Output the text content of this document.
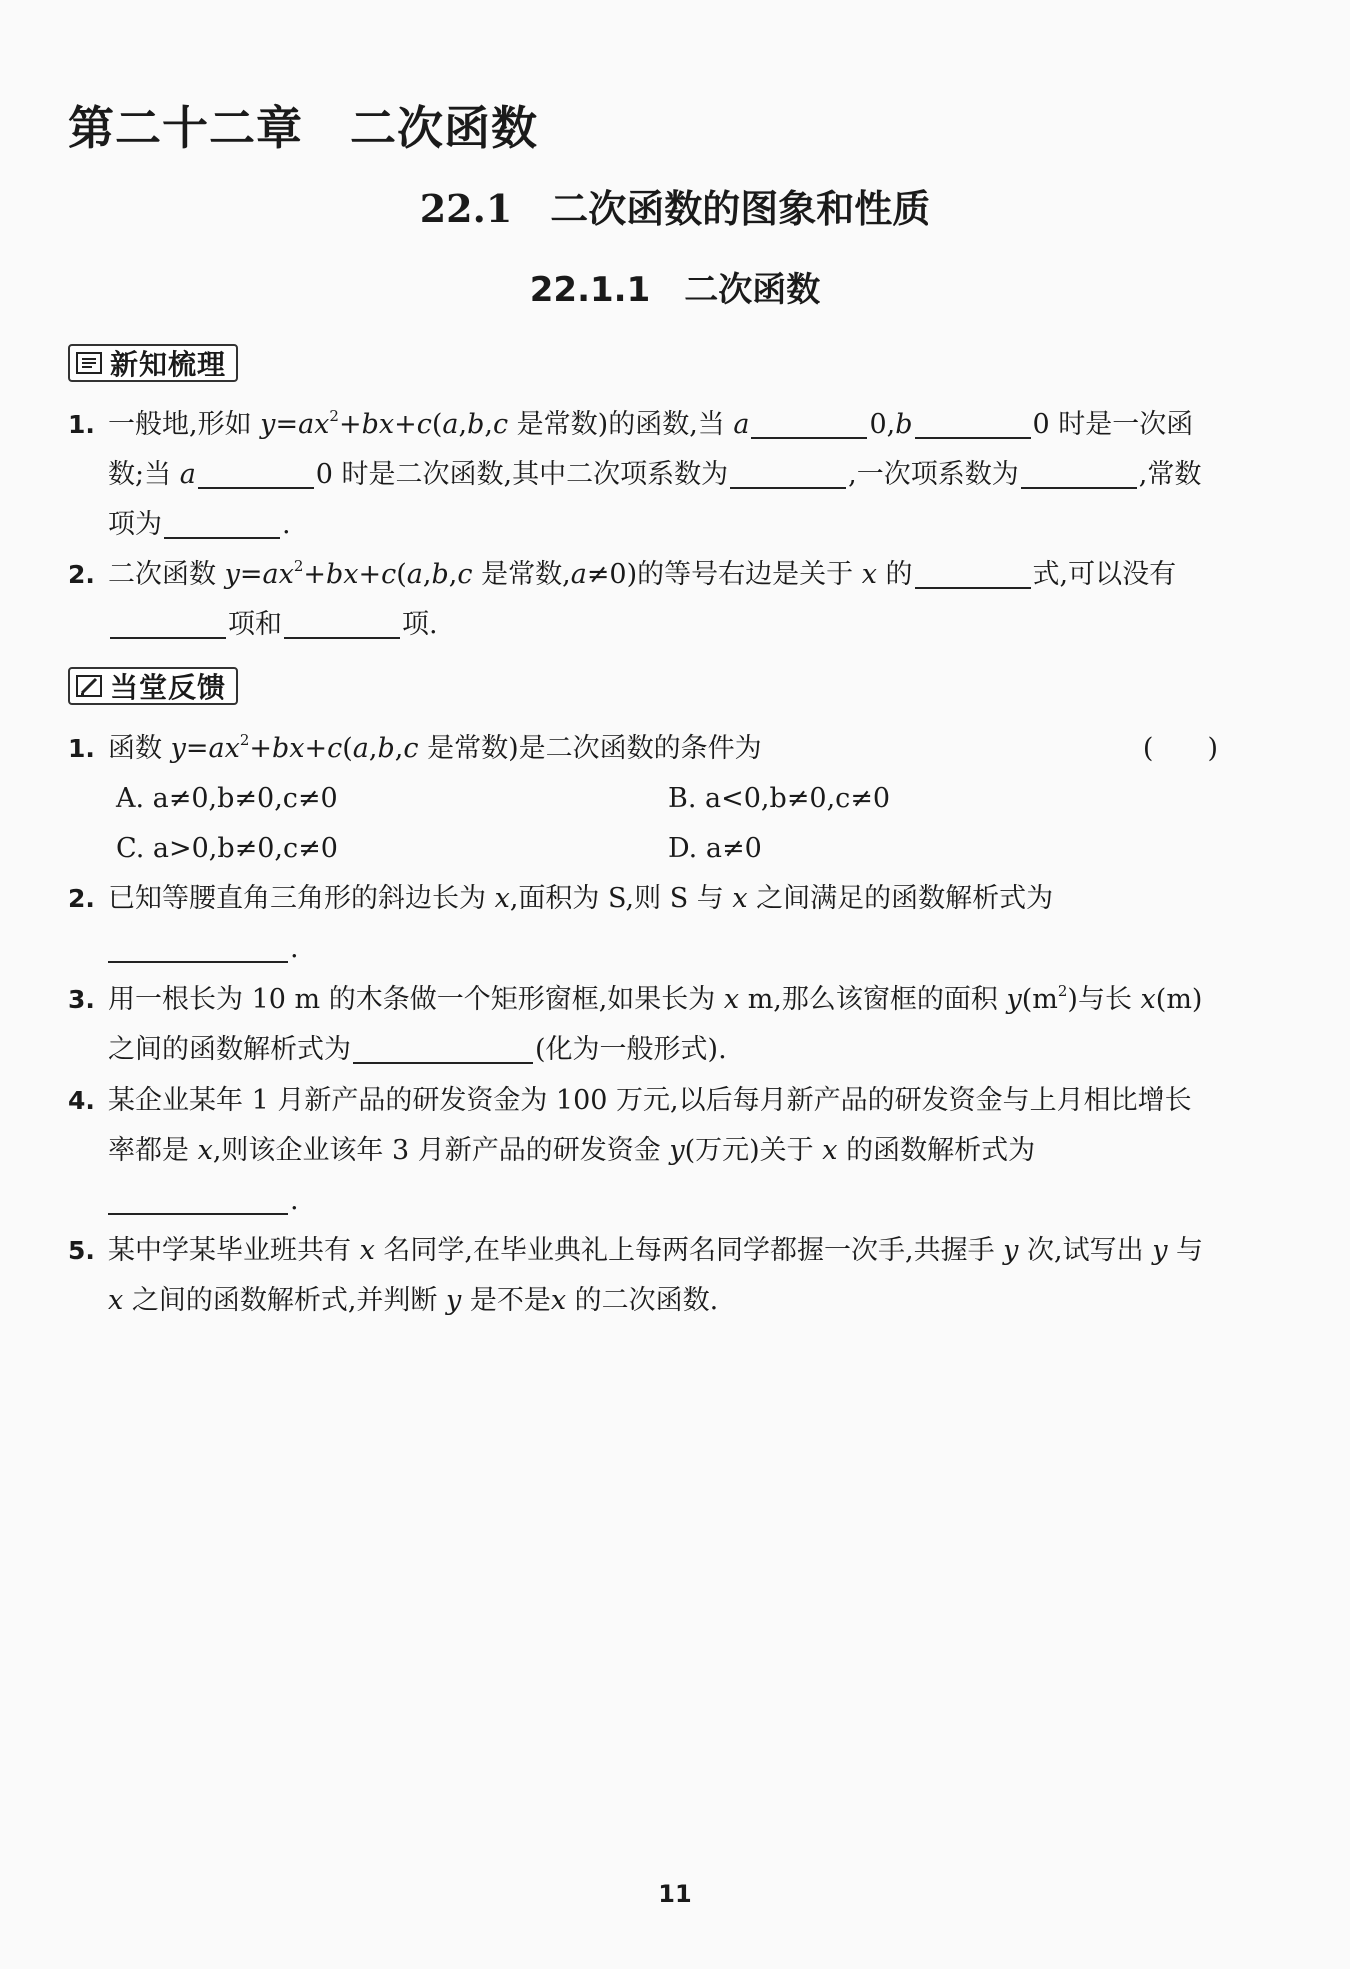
第二十二章　二次函数
22.1　二次函数的图象和性质
22.1.1　二次函数
新知梳理
1. 一般地,形如 $y=ax^2+bx+c(a,b,c$ 是常数)的函数,当 a	0,b	0 时是一次函数;当 a	0 时是二次函数,其中二次项系数为	,一次项系数为	,常数项为	.
2. 二次函数 $y=ax^2+bx+c(a,b,c$ 是常数,a≠0)的等号右边是关于 x 的	式,可以没有项和	项.
当堂反馈
1. 函数 $y=ax^2+bx+c(a,b,c$ 是常数)是二次函数的条件为	(　　)
A. a≠0,b≠0,c≠0	B. a<0,b≠0,c≠0
C. a>0,b≠0,c≠0	D. a≠0
2. 已知等腰直角三角形的斜边长为 x,面积为 S,则 S 与 x 之间满足的函数解析式为
.
3. 用一根长为 10 m 的木条做一个矩形窗框,如果长为 x m,那么该窗框的面积 $y(m^2)$与长 x(m)之间的函数解析式为	(化为一般形式).
4. 某企业某年 1 月新产品的研发资金为 100 万元,以后每月新产品的研发资金与上月相比增长率都是 x,则该企业该年 3 月新产品的研发资金 y(万元)关于 x 的函数解析式为
.
5. 某中学某毕业班共有 x 名同学,在毕业典礼上每两名同学都握一次手,共握手 y 次,试写出 y 与 x 之间的函数解析式,并判断 y 是不是x 的二次函数.
11
